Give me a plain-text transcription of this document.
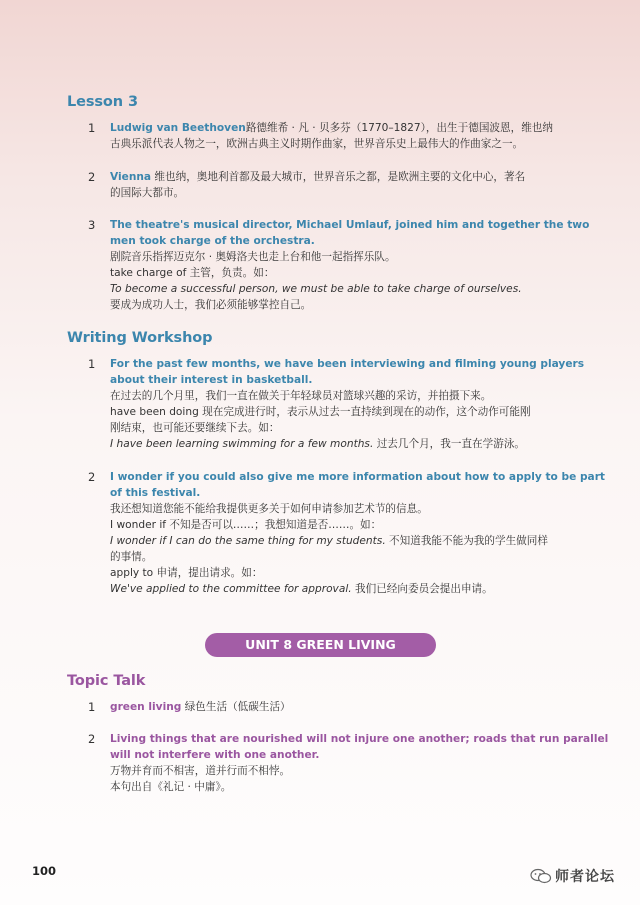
Lesson 3
1 Ludwig van Beethoven路德维希 · 凡 · 贝多芬（1770–1827），出生于德国波恩，维也纳
古典乐派代表人物之一，欧洲古典主义时期作曲家，世界音乐史上最伟大的作曲家之一。
2 Vienna 维也纳，奥地利首都及最大城市，世界音乐之都，是欧洲主要的文化中心，著名
的国际大都市。
3 The theatre's musical director, Michael Umlauf, joined him and together the two
men took charge of the orchestra.
剧院音乐指挥迈克尔 · 奥姆洛夫也走上台和他一起指挥乐队。
take charge of 主管，负责。如：
To become a successful person, we must be able to take charge of ourselves.
要成为成功人士，我们必须能够掌控自己。
Writing Workshop
1 For the past few months, we have been interviewing and filming young players
about their interest in basketball.
在过去的几个月里，我们一直在做关于年轻球员对篮球兴趣的采访，并拍摄下来。
have been doing 现在完成进行时，表示从过去一直持续到现在的动作，这个动作可能刚
刚结束，也可能还要继续下去。如：
I have been learning swimming for a few months. 过去几个月，我一直在学游泳。
2 I wonder if you could also give me more information about how to apply to be part
of this festival.
我还想知道您能不能给我提供更多关于如何申请参加艺术节的信息。
I wonder if 不知是否可以……；我想知道是否……。如：
I wonder if I can do the same thing for my students. 不知道我能不能为我的学生做同样
的事情。
apply to 申请，提出请求。如：
We've applied to the committee for approval. 我们已经向委员会提出申请。
UNIT 8 GREEN LIVING
Topic Talk
1 green living 绿色生活（低碳生活）
2 Living things that are nourished will not injure one another; roads that run parallel
will not interfere with one another.
万物并育而不相害，道并行而不相悖。
本句出自《礼记 · 中庸》。
100	师者论坛
